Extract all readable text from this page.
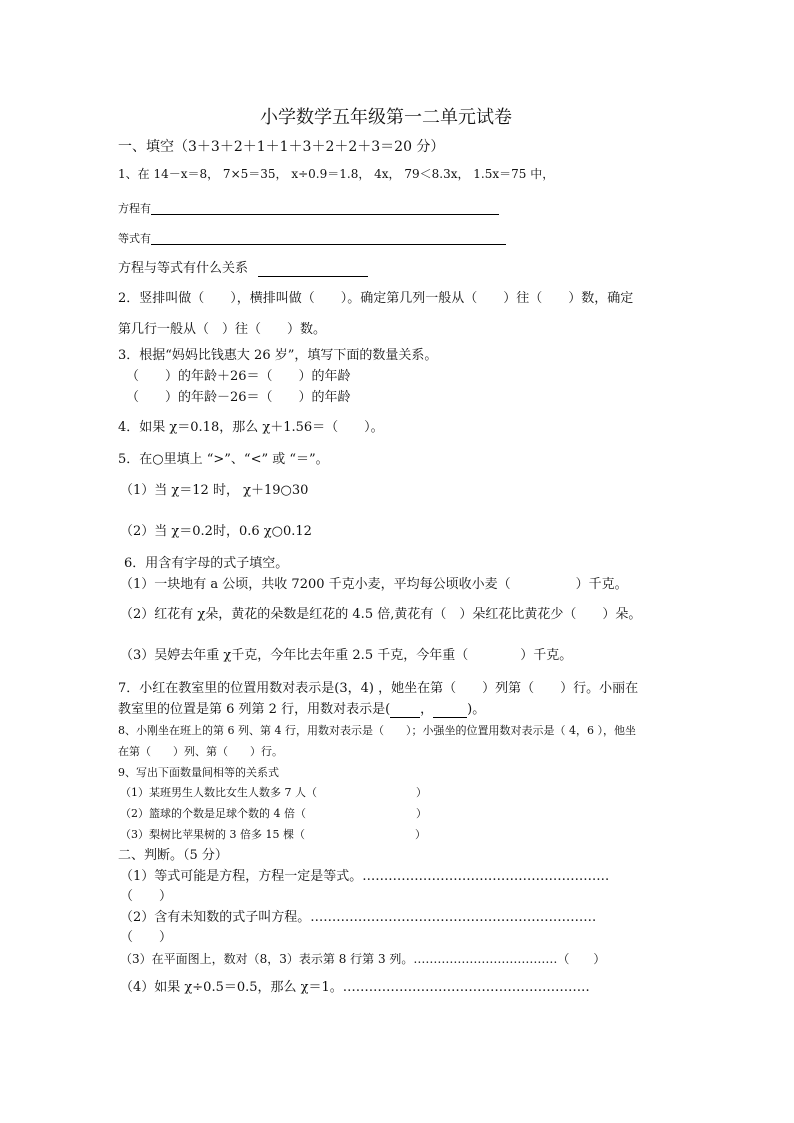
小学数学五年级第一二单元试卷

一、填空（3＋3＋2＋1＋1＋3＋2＋2＋3＝20 分）

1、在 14－x＝8， 7×5＝35， x÷0.9＝1.8， 4x， 79＜8.3x， 1.5x＝75 中，

方程有

等式有

方程与等式有什么关系

2．竖排叫做（　　），横排叫做（　　）。确定第几列一般从（　　）往（　　）数，确定

第几行一般从（　）往（　　）数。

3．根据“妈妈比钱惠大 26 岁”，填写下面的数量关系。

（　　）的年龄＋26＝（　　）的年龄

（　　）的年龄－26＝（　　）的年龄

4．如果 χ＝0.18，那么 χ＋1.56＝（　　）。

5．在○里填上 “>”、“<” 或 “＝”。

（1）当 χ＝12 时， χ＋19○30

（2）当 χ＝0.2时，0.6 χ○0.12

6．用含有字母的式子填空。

（1）一块地有 a 公顷，共收 7200 千克小麦，平均每公顷收小麦（　　　　　）千克。

（2）红花有 χ朵，黄花的朵数是红花的 4.5 倍,黄花有（　）朵红花比黄花少（　　）朵。

（3）吴婷去年重 χ千克，今年比去年重 2.5 千克，今年重（　　　　）千克。

7．小红在教室里的位置用数对表示是(3，4) ，她坐在第（　　）列第（　　）行。小丽在

教室里的位置是第 6 列第 2 行，用数对表示是( ，	)。

8、小刚坐在班上的第 6 列、第 4 行，用数对表示是（　　）；小强坐的位置用数对表示是（ 4，6 ），他坐

在第（　　）列、第（　　）行。

9、写出下面数量间相等的关系式

（1）某班男生人数比女生人数多 7 人（　　　　　　　　　）

（2）篮球的个数是足球个数的 4 倍（　　　　　　　　　　）

（3）梨树比苹果树的 3 倍多 15 棵（　　　　　　　　　　）

二、判断。（5 分）

（1）等式可能是方程，方程一定是等式。…………………………………………………

（　　）

（2）含有未知数的式子叫方程。…………………………………………………………

（　　）

（3）在平面图上，数对（8，3）表示第 8 行第 3 列。………………………………（　　）

（4）如果 χ÷0.5＝0.5，那么 χ＝1。…………………………………………………
